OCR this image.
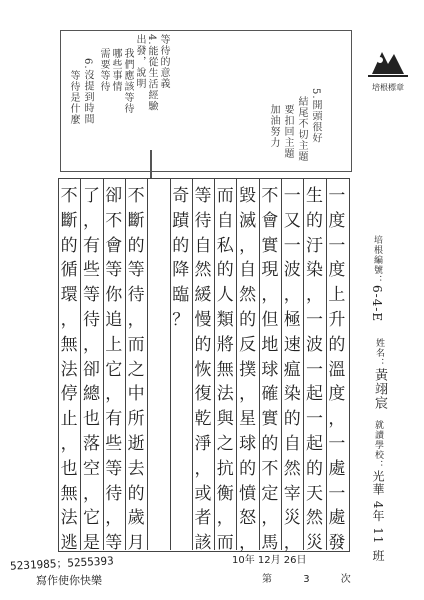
培根標章
5.開頭很好
結尾不切主題
要扣回主題
加油努力
我們應該等待
哪些事情
需要等待	4.能從生活經驗
出發，說明 等待的意義
6.沒提到時間
等待是什麼
一
度
一
度
上
升
的
溫
度
，
一
處
一
處
發
生
的
汙
染
，
一
波
一
起
一
起
的
天
然
災
一
又
一
波
，
極
速
瘟
染
的
自
然
宰
災
，
不
會
實
現
，
但
地
球
確
實
的
不
定
，
馬
毀
滅
，
自
然
的
反
撲
，
星
球
的
憤
怒
，
而
自
私
的
人
類
將
無
法
與
之
抗
衡
，
而
等
待
自
然
緩
慢
的
恢
復
乾
淨
，
或
者
該
奇
蹟
的
降
臨
？
不
斷
的
等
待
，
而
之
中
所
逝
去
的
歲
月
卻
不
會
等
你
追
上
它
，
有
些
等
待
，
等
了
，
有
些
等
待
，
卻
總
也
落
空
，
它
是
不
斷
的
循
環
，
無
法
停
止
，
也
無
法
逃
培根編號：6-4-E
姓名：黃翊宸
就讀學校：光華 4年 11 班
5231985；5255393
寫作使你快樂
10年 12月 26日
第	3	次
